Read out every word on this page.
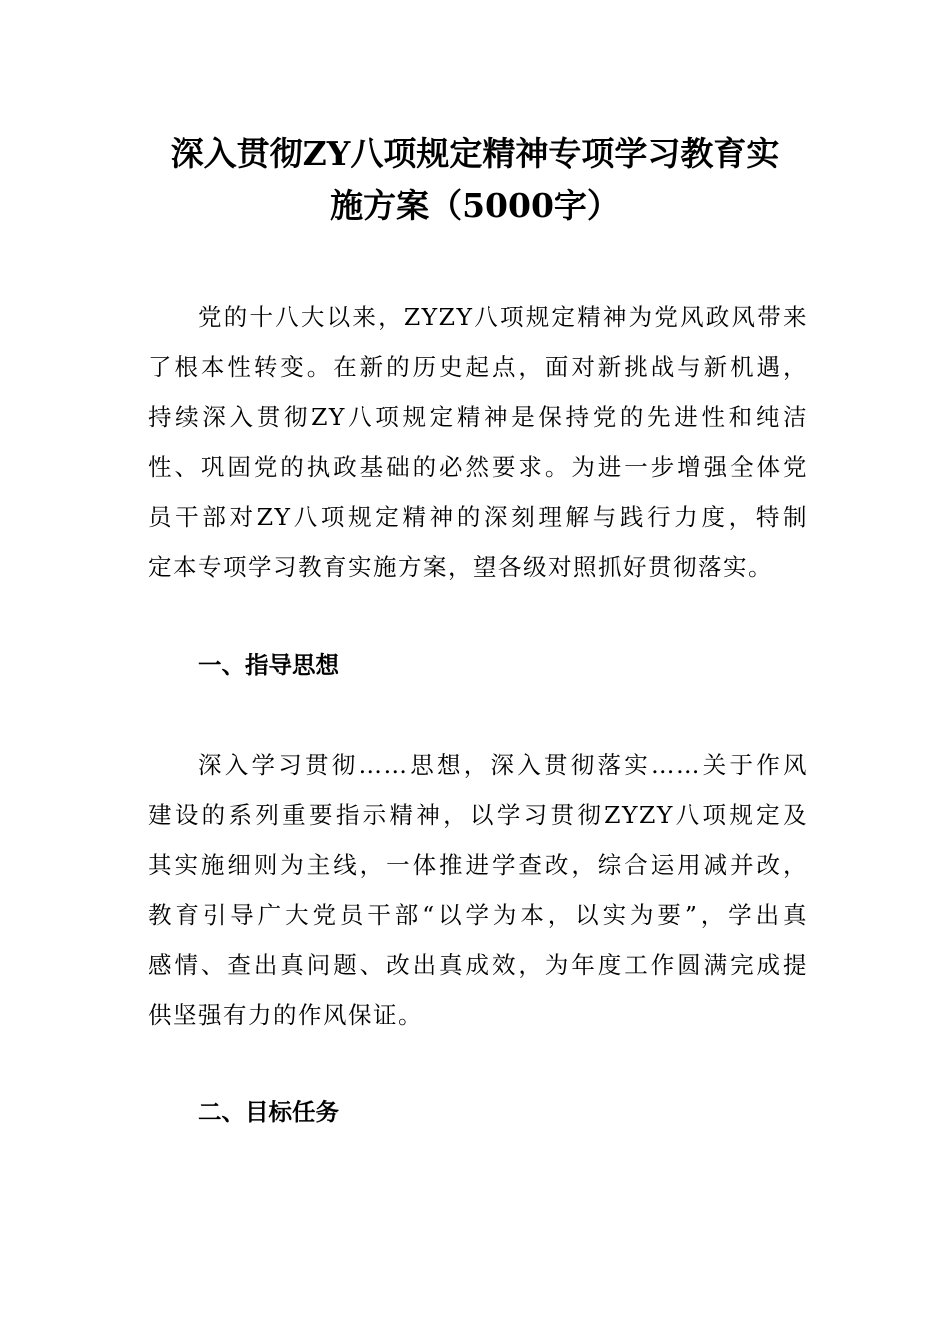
深入贯彻ZY八项规定精神专项学习教育实
施方案（5000字）

党的十八大以来，ZYZY八项规定精神为党风政风带来
了根本性转变。在新的历史起点，面对新挑战与新机遇，
持续深入贯彻ZY八项规定精神是保持党的先进性和纯洁
性、巩固党的执政基础的必然要求。为进一步增强全体党
员干部对ZY八项规定精神的深刻理解与践行力度，特制
定本专项学习教育实施方案，望各级对照抓好贯彻落实。

一、指导思想

深入学习贯彻……思想，深入贯彻落实……关于作风
建设的系列重要指示精神，以学习贯彻ZYZY八项规定及
其实施细则为主线，一体推进学查改，综合运用减并改，
教育引导广大党员干部“以学为本，以实为要”，学出真
感情、查出真问题、改出真成效，为年度工作圆满完成提
供坚强有力的作风保证。

二、目标任务
